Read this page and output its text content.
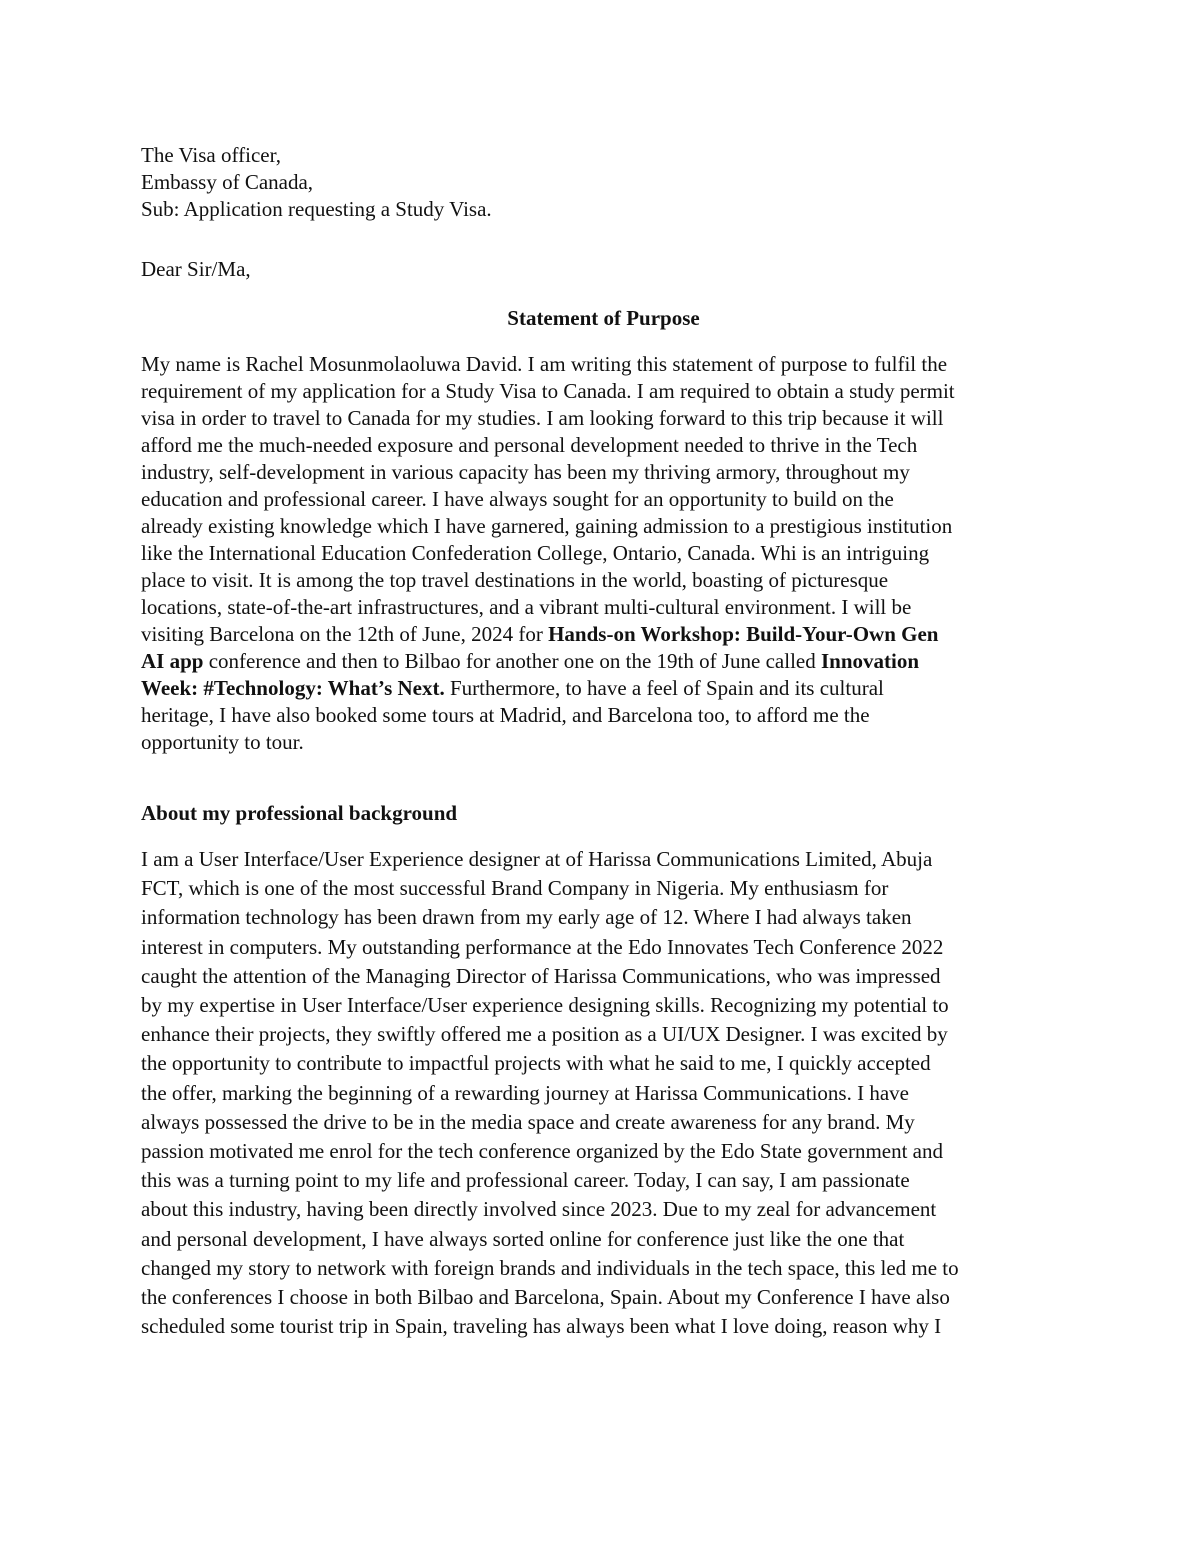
The Visa officer,
Embassy of Canada,
Sub: Application requesting a Study Visa.
Dear Sir/Ma,
Statement of Purpose
My name is Rachel Mosunmolaoluwa David. I am writing this statement of purpose to fulfil the
requirement of my application for a Study Visa to Canada. I am required to obtain a study permit
visa in order to travel to Canada for my studies. I am looking forward to this trip because it will
afford me the much-needed exposure and personal development needed to thrive in the Tech
industry, self-development in various capacity has been my thriving armory, throughout my
education and professional career. I have always sought for an opportunity to build on the
already existing knowledge which I have garnered, gaining admission to a prestigious institution
like the International Education Confederation College, Ontario, Canada. Whi is an intriguing
place to visit. It is among the top travel destinations in the world, boasting of picturesque
locations, state-of-the-art infrastructures, and a vibrant multi-cultural environment. I will be
visiting Barcelona on the 12th of June, 2024 for Hands-on Workshop: Build-Your-Own Gen
AI app conference and then to Bilbao for another one on the 19th of June called Innovation
Week: #Technology: What’s Next. Furthermore, to have a feel of Spain and its cultural
heritage, I have also booked some tours at Madrid, and Barcelona too, to afford me the
opportunity to tour.
About my professional background
I am a User Interface/User Experience designer at of Harissa Communications Limited, Abuja
FCT, which is one of the most successful Brand Company in Nigeria. My enthusiasm for
information technology has been drawn from my early age of 12. Where I had always taken
interest in computers. My outstanding performance at the Edo Innovates Tech Conference 2022
caught the attention of the Managing Director of Harissa Communications, who was impressed
by my expertise in User Interface/User experience designing skills. Recognizing my potential to
enhance their projects, they swiftly offered me a position as a UI/UX Designer. I was excited by
the opportunity to contribute to impactful projects with what he said to me, I quickly accepted
the offer, marking the beginning of a rewarding journey at Harissa Communications. I have
always possessed the drive to be in the media space and create awareness for any brand. My
passion motivated me enrol for the tech conference organized by the Edo State government and
this was a turning point to my life and professional career. Today, I can say, I am passionate
about this industry, having been directly involved since 2023. Due to my zeal for advancement
and personal development, I have always sorted online for conference just like the one that
changed my story to network with foreign brands and individuals in the tech space, this led me to
the conferences I choose in both Bilbao and Barcelona, Spain. About my Conference I have also
scheduled some tourist trip in Spain, traveling has always been what I love doing, reason why I
